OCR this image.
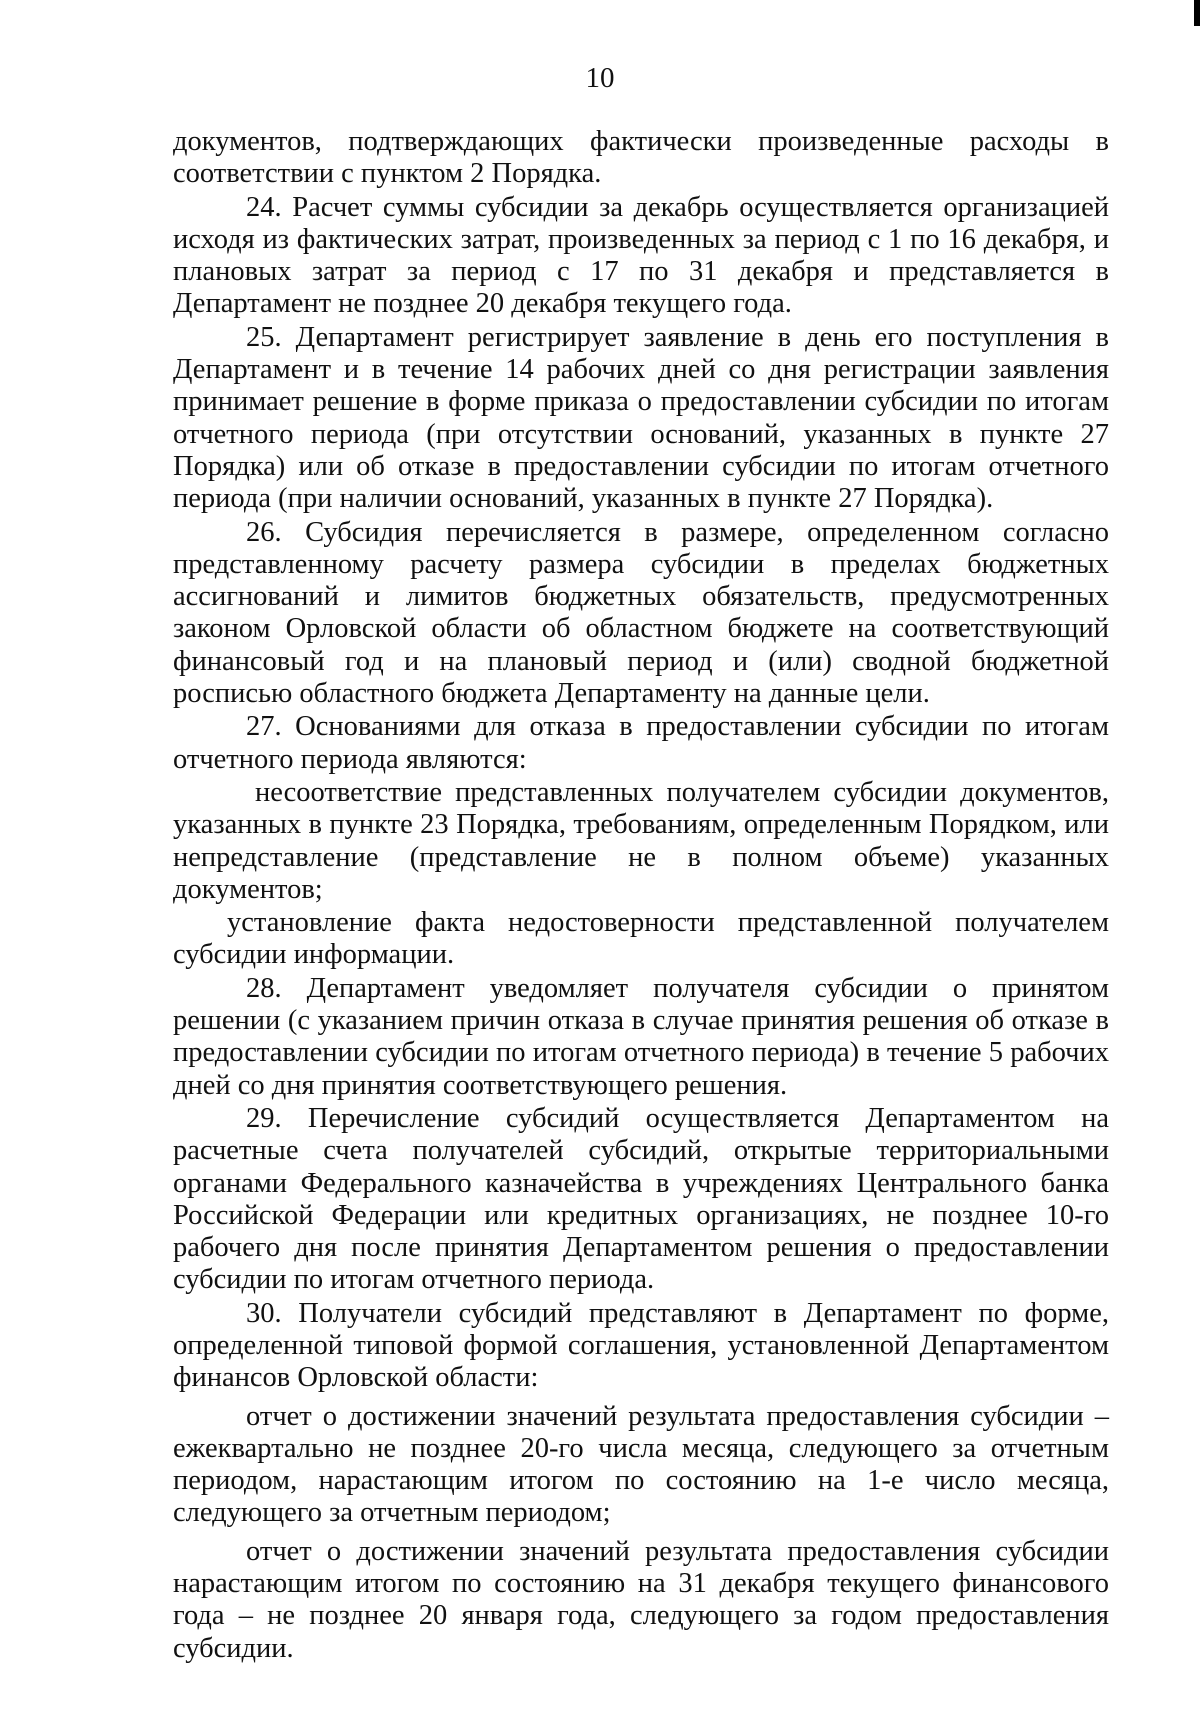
10

документов, подтверждающих фактически произведенные расходы в соответствии с пунктом 2 Порядка.

24. Расчет суммы субсидии за декабрь осуществляется организацией исходя из фактических затрат, произведенных за период с 1 по 16 декабря, и плановых затрат за период с 17 по 31 декабря и представляется в Департамент не позднее 20 декабря текущего года.

25. Департамент регистрирует заявление в день его поступления в Департамент и в течение 14 рабочих дней со дня регистрации заявления принимает решение в форме приказа о предоставлении субсидии по итогам отчетного периода (при отсутствии оснований, указанных в пункте 27 Порядка) или об отказе в предоставлении субсидии по итогам отчетного периода (при наличии оснований, указанных в пункте 27 Порядка).

26. Субсидия перечисляется в размере, определенном согласно представленному расчету размера субсидии в пределах бюджетных ассигнований и лимитов бюджетных обязательств, предусмотренных законом Орловской области об областном бюджете на соответствующий финансовый год и на плановый период и (или) сводной бюджетной росписью областного бюджета Департаменту на данные цели.

27. Основаниями для отказа в предоставлении субсидии по итогам отчетного периода являются:

несоответствие представленных получателем субсидии документов, указанных в пункте 23 Порядка, требованиям, определенным Порядком, или непредставление (представление не в полном объеме) указанных документов;

установление факта недостоверности представленной получателем субсидии информации.

28. Департамент уведомляет получателя субсидии о принятом решении (с указанием причин отказа в случае принятия решения об отказе в предоставлении субсидии по итогам отчетного периода) в течение 5 рабочих дней со дня принятия соответствующего решения.

29. Перечисление субсидий осуществляется Департаментом на расчетные счета получателей субсидий, открытые территориальными органами Федерального казначейства в учреждениях Центрального банка Российской Федерации или кредитных организациях, не позднее 10-го рабочего дня после принятия Департаментом решения о предоставлении субсидии по итогам отчетного периода.

30. Получатели субсидий представляют в Департамент по форме, определенной типовой формой соглашения, установленной Департаментом финансов Орловской области:

отчет о достижении значений результата предоставления субсидии – ежеквартально не позднее 20-го числа месяца, следующего за отчетным периодом, нарастающим итогом по состоянию на 1-е число месяца, следующего за отчетным периодом;

отчет о достижении значений результата предоставления субсидии нарастающим итогом по состоянию на 31 декабря текущего финансового года – не позднее 20 января года, следующего за годом предоставления субсидии.
